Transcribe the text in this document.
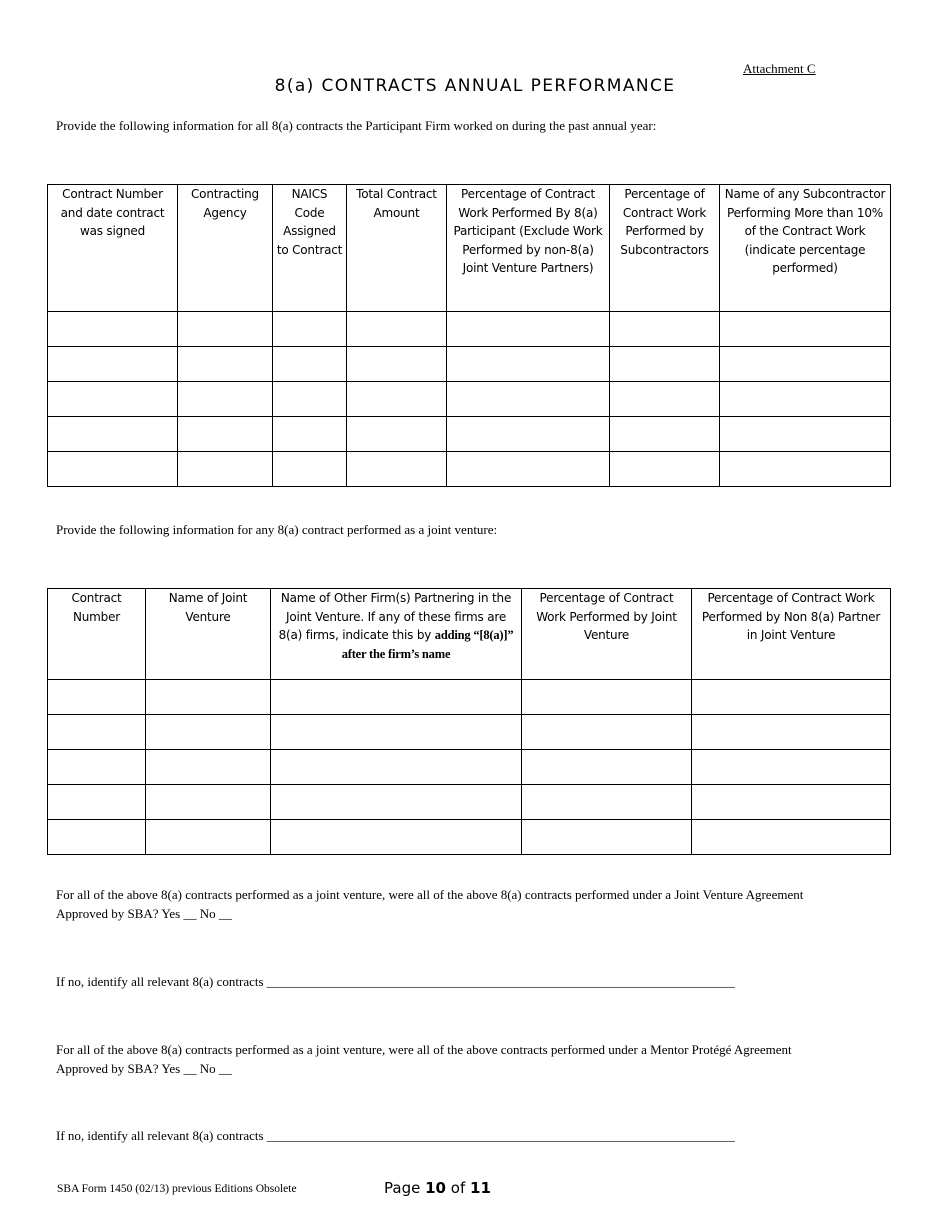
Attachment C
8(a) CONTRACTS ANNUAL PERFORMANCE
Provide the following information for all 8(a) contracts the Participant Firm worked on during the past annual year:
Contract Number and date contract was signed	Contracting Agency	NAICS Code Assigned to Contract	Total Contract Amount	Percentage of Contract Work Performed By 8(a) Participant (Exclude Work Performed by non-8(a) Joint Venture Partners)	Percentage of Contract Work Performed by Subcontractors	Name of any Subcontractor Performing More than 10% of the Contract Work (indicate percentage performed)

Provide the following information for any 8(a) contract performed as a joint venture:
Contract Number	Name of Joint Venture	Name of Other Firm(s) Partnering in the Joint Venture. If any of these firms are 8(a) firms, indicate this by adding “[8(a)]” after the firm’s name	Percentage of Contract Work Performed by Joint Venture	Percentage of Contract Work Performed by Non 8(a) Partner in Joint Venture

For all of the above 8(a) contracts performed as a joint venture, were all of the above 8(a) contracts performed under a Joint Venture Agreement
Approved by SBA? Yes __ No __
If no, identify all relevant 8(a) contracts ________________________________________________________________________
For all of the above 8(a) contracts performed as a joint venture, were all of the above contracts performed under a Mentor Protégé Agreement
Approved by SBA? Yes __ No __
If no, identify all relevant 8(a) contracts ________________________________________________________________________
SBA Form 1450 (02/13) previous Editions Obsolete	Page 10 of 11
